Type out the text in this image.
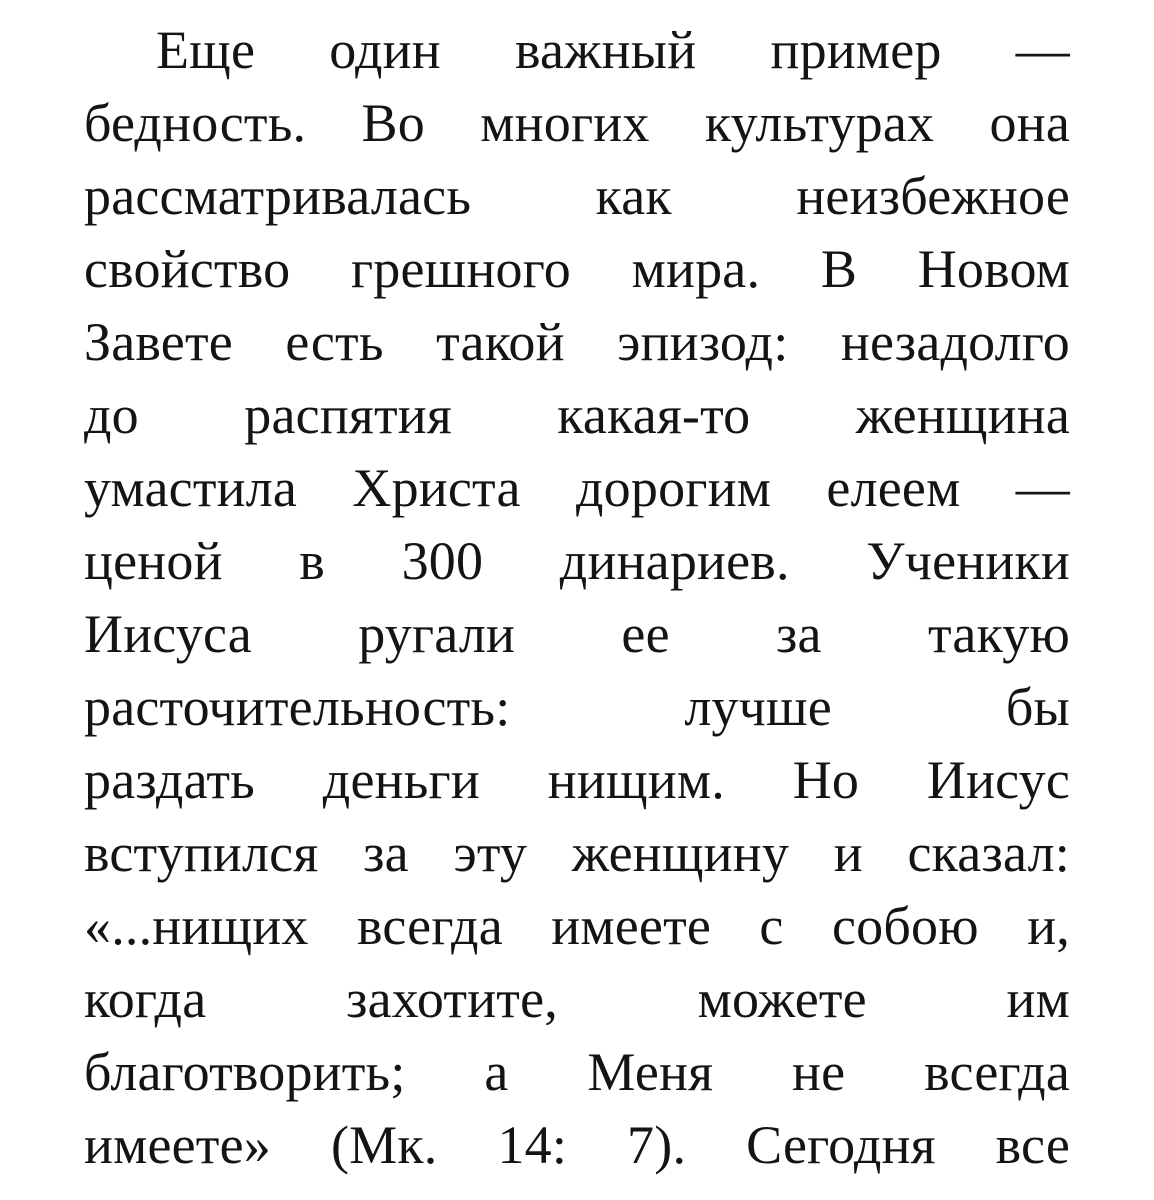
Еще один важный пример —

бедность. Во многих культурах она

рассматривалась как неизбежное

свойство грешного мира. В Новом

Завете есть такой эпизод: незадолго

до распятия какая-то женщина

умастила Христа дорогим елеем —

ценой в 300 динариев. Ученики

Иисуса ругали ее за такую

расточительность: лучше бы

раздать деньги нищим. Но Иисус

вступился за эту женщину и сказал:

«...нищих всегда имеете с собою и,

когда захотите, можете им

благотворить; а Меня не всегда

имеете» (Мк. 14: 7). Сегодня все
